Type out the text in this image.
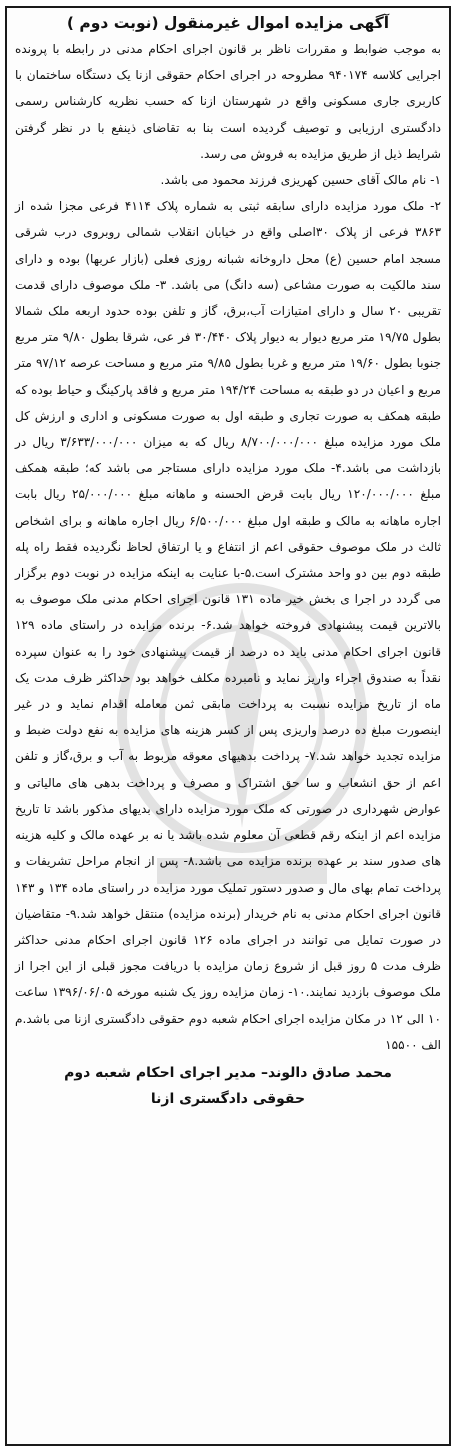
آگهی مزایده اموال غیرمنقول (نوبت دوم )

به موجب ضوابط و مقررات ناظر بر قانون اجرای احکام مدنی در رابطه با پرونده اجرایی کلاسه ۹۴۰۱۷۴ مطروحه در اجرای احکام حقوقی ازنا یک دستگاه ساختمان با کاربری جاری مسکونی واقع در شهرستان ازنا که حسب نظریه کارشناس رسمی دادگستری ارزیابی و توصیف گردیده است بنا به تقاضای ذینفع با در نظر گرفتن شرایط ذیل از طریق مزایده به فروش می رسد.

۱- نام مالک آقای حسین کهریزی فرزند محمود می باشد.

۲- ملک مورد مزایده دارای سابقه ثبتی به شماره پلاک ۴۱۱۴ فرعی مجزا شده از ۳۸۶۳ فرعی از پلاک ۳۰اصلی واقع در خیابان انقلاب شمالی روبروی درب شرقی مسجد امام حسین (ع) محل داروخانه شبانه روزی فعلی (بازار عربها) بوده و دارای سند مالکیت به صورت مشاعی (سه دانگ) می باشد. ۳- ملک موصوف دارای قدمت تقریبی ۲۰ سال و دارای امتیازات آب،برق، گاز و تلفن بوده حدود اربعه ملک شمالا بطول ۱۹/۷۵ متر مربع دیوار به دیوار پلاک ۳۰/۴۴۰ فر عی، شرقا بطول ۹/۸۰ متر مربع جنوبا بطول ۱۹/۶۰ متر مربع و غربا بطول ۹/۸۵ متر مربع و مساحت عرصه ۹۷/۱۲ متر مربع و اعیان در دو طبقه به مساحت ۱۹۴/۲۴ متر مربع و فاقد پارکینگ و حیاط بوده که طبقه همکف به صورت تجاری و طبقه اول به صورت مسکونی و اداری و ارزش کل ملک مورد مزایده مبلغ ۸/۷۰۰/۰۰۰/۰۰۰ ریال که به میزان ۳/۶۳۳/۰۰۰/۰۰۰ ریال در بازداشت می باشد.۴- ملک مورد مزایده دارای مستاجر می باشد که؛ طبقه همکف مبلغ ۱۲۰/۰۰۰/۰۰۰ ریال بابت قرض الحسنه و ماهانه مبلغ ۲۵/۰۰۰/۰۰۰ ریال بابت اجاره ماهانه به مالک و طبقه اول مبلغ ۶/۵۰۰/۰۰۰ ریال اجاره ماهانه و برای اشخاص ثالث در ملک موصوف حقوقی اعم از انتفاع و یا ارتفاق لحاظ نگردیده فقط راه پله طبقه دوم بین دو واحد مشترک است.۵-با عنایت به اینکه مزایده در نوبت دوم برگزار می گردد در اجرا ی بخش خیر ماده ۱۳۱ قانون اجرای احکام مدنی ملک موصوف به بالاترین قیمت پیشنهادی فروخته خواهد شد.۶- برنده مزایده در راستای ماده ۱۲۹ قانون اجرای احکام مدنی باید ده درصد از قیمت پیشنهادی خود را به عنوان سپرده نقداً به صندوق اجراء واریز نماید و نامبرده مکلف خواهد بود حداکثر ظرف مدت یک ماه از تاریخ مزایده نسبت به پرداخت مابقی ثمن معامله اقدام نماید و در غیر اینصورت مبلغ ده درصد واریزی پس از کسر هزینه های مزایده به نفع دولت ضبط و مزایده تجدید خواهد شد.۷- پرداخت بدهیهای معوقه مربوط به آب و برق،گاز و تلفن اعم از حق انشعاب و سا حق اشتراک و مصرف و پرداخت بدهی های مالیاتی و عوارض شهرداری در صورتی که ملک مورد مزایده دارای بدیهای مذکور باشد تا تاریخ مزایده اعم از اینکه رقم قطعی آن معلوم شده باشد یا نه بر عهده مالک و کلیه هزینه های صدور سند بر عهده برنده مزایده می باشد.۸- پس از انجام مراحل تشریفات و پرداخت تمام بهای مال و صدور دستور تملیک مورد مزایده در راستای ماده ۱۳۴ و ۱۴۳ قانون اجرای احکام مدنی به نام خریدار (برنده مزایده) منتقل خواهد شد.۹- متقاضیان در صورت تمایل می توانند در اجرای ماده ۱۲۶ قانون اجرای احکام مدنی حداکثر ظرف مدت ۵ روز قبل از شروع زمان مزایده با دریافت مجوز قبلی از این اجرا از ملک موصوف بازدید نمایند.۱۰- زمان مزایده روز یک شنبه مورخه ۱۳۹۶/۰۶/۰۵ ساعت ۱۰ الی ۱۲ در مکان مزایده اجرای احکام شعبه دوم حقوقی دادگستری ازنا می باشد.م الف ۱۵۵۰۰

محمد صادق دالوند– مدیر اجرای احکام شعبه دوم
حقوقی دادگستری ازنا
